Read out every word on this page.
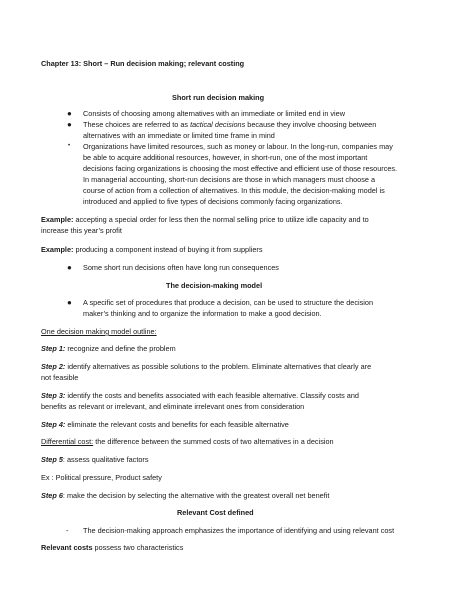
Chapter 13: Short – Run decision making; relevant costing
Short run decision making
● Consists of choosing among alternatives with an immediate or limited end in view
● These choices are referred to as tactical decisions because they involve choosing between
alternatives with an immediate or limited time frame in mind
• Organizations have limited resources, such as money or labour. In the long-run, companies may
be able to acquire additional resources, however, in short-run, one of the most important
decisions facing organizations is choosing the most effective and efficient use of those resources.
In managerial accounting, short-run decisions are those in which managers must choose a
course of action from a collection of alternatives. In this module, the decision-making model is
introduced and applied to five types of decisions commonly facing organizations.
Example: accepting a special order for less then the normal selling price to utilize idle capacity and to
increase this year’s profit
Example: producing a component instead of buying it from suppliers
● Some short run decisions often have long run consequences
The decision-making model
● A specific set of procedures that produce a decision, can be used to structure the decision
maker’s thinking and to organize the information to make a good decision.
One decision making model outline:
Step 1: recognize and define the problem
Step 2: identify alternatives as possible solutions to the problem. Eliminate alternatives that clearly are
not feasible
Step 3: identify the costs and benefits associated with each feasible alternative. Classify costs and
benefits as relevant or irrelevant, and eliminate irrelevant ones from consideration
Step 4: eliminate the relevant costs and benefits for each feasible alternative
Differential cost: the difference between the summed costs of two alternatives in a decision
Step 5: assess qualitative factors
Ex : Political pressure, Product safety
Step 6: make the decision by selecting the alternative with the greatest overall net benefit
Relevant Cost defined
- The decision-making approach emphasizes the importance of identifying and using relevant cost
Relevant costs possess two characteristics
